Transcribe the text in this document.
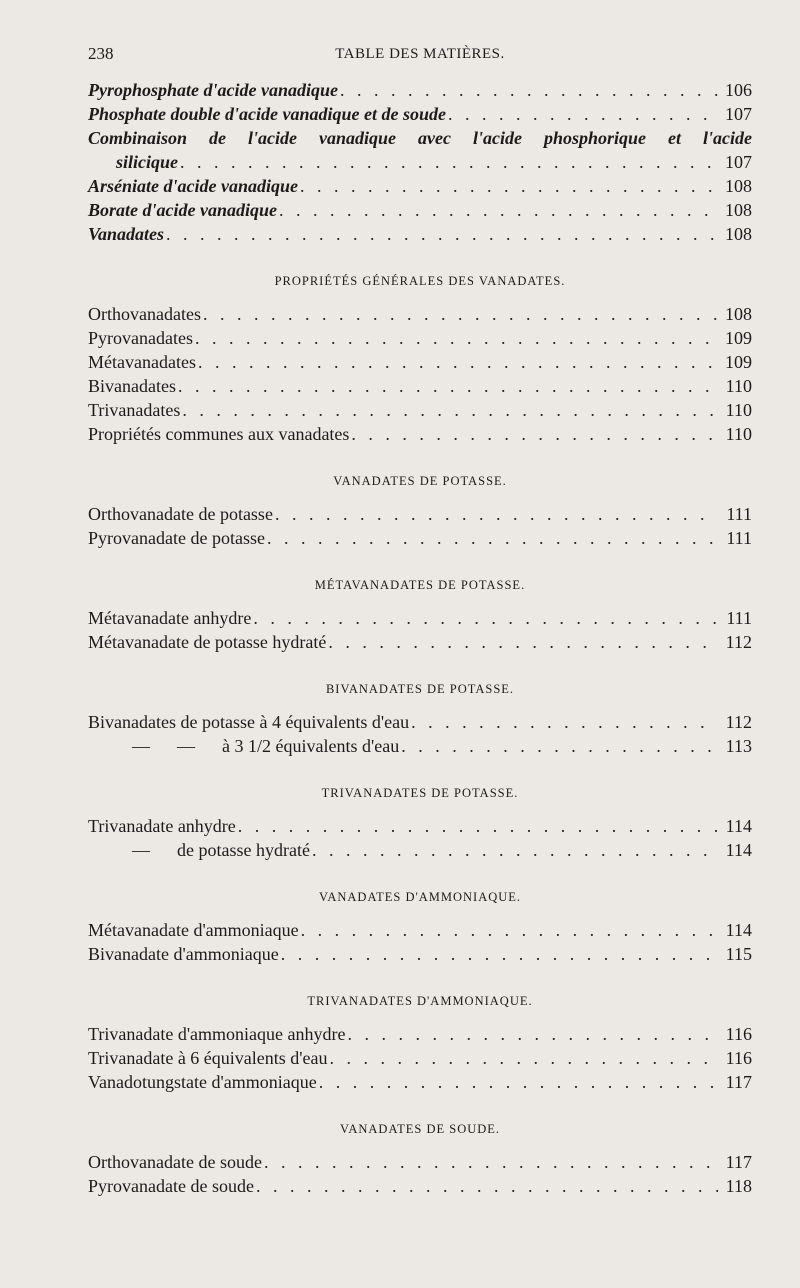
238	TABLE DES MATIÈRES.
Pyrophosphate d'acide vanadique . . .	106
Phosphate double d'acide vanadique et de soude . . .	107
Combinaison de l'acide vanadique avec l'acide phosphorique et l'acide
silicique . . .	107
Arséniate d'acide vanadique . . .	108
Borate d'acide vanadique . . .	108
Vanadates . . .	108
PROPRIÉTÉS GÉNÉRALES DES VANADATES.
Orthovanadates . . .	108
Pyrovanadates . . .	109
Métavanadates . . .	109
Bivanadates . . .	110
Trivanadates . . .	110
Propriétés communes aux vanadates . . .	110
VANADATES DE POTASSE.
Orthovanadate de potasse . . .	111
Pyrovanadate de potasse . . .	111
MÉTAVANADATES DE POTASSE.
Métavanadate anhydre . . .	111
Métavanadate de potasse hydraté . . .	112
BIVANADATES DE POTASSE.
Bivanadates de potasse à 4 équivalents d'eau . . .	112
—      —      à 3 1/2 équivalents d'eau . . .	113
TRIVANADATES DE POTASSE.
Trivanadate anhydre . . .	114
—      de potasse hydraté . . .	114
VANADATES D'AMMONIAQUE.
Métavanadate d'ammoniaque . . .	114
Bivanadate d'ammoniaque . . .	115
TRIVANADATES D'AMMONIAQUE.
Trivanadate d'ammoniaque anhydre . . .	116
Trivanadate à 6 équivalents d'eau . . .	116
Vanadotungstate d'ammoniaque . . .	117
VANADATES DE SOUDE.
Orthovanadate de soude . . .	117
Pyrovanadate de soude . . .	118
